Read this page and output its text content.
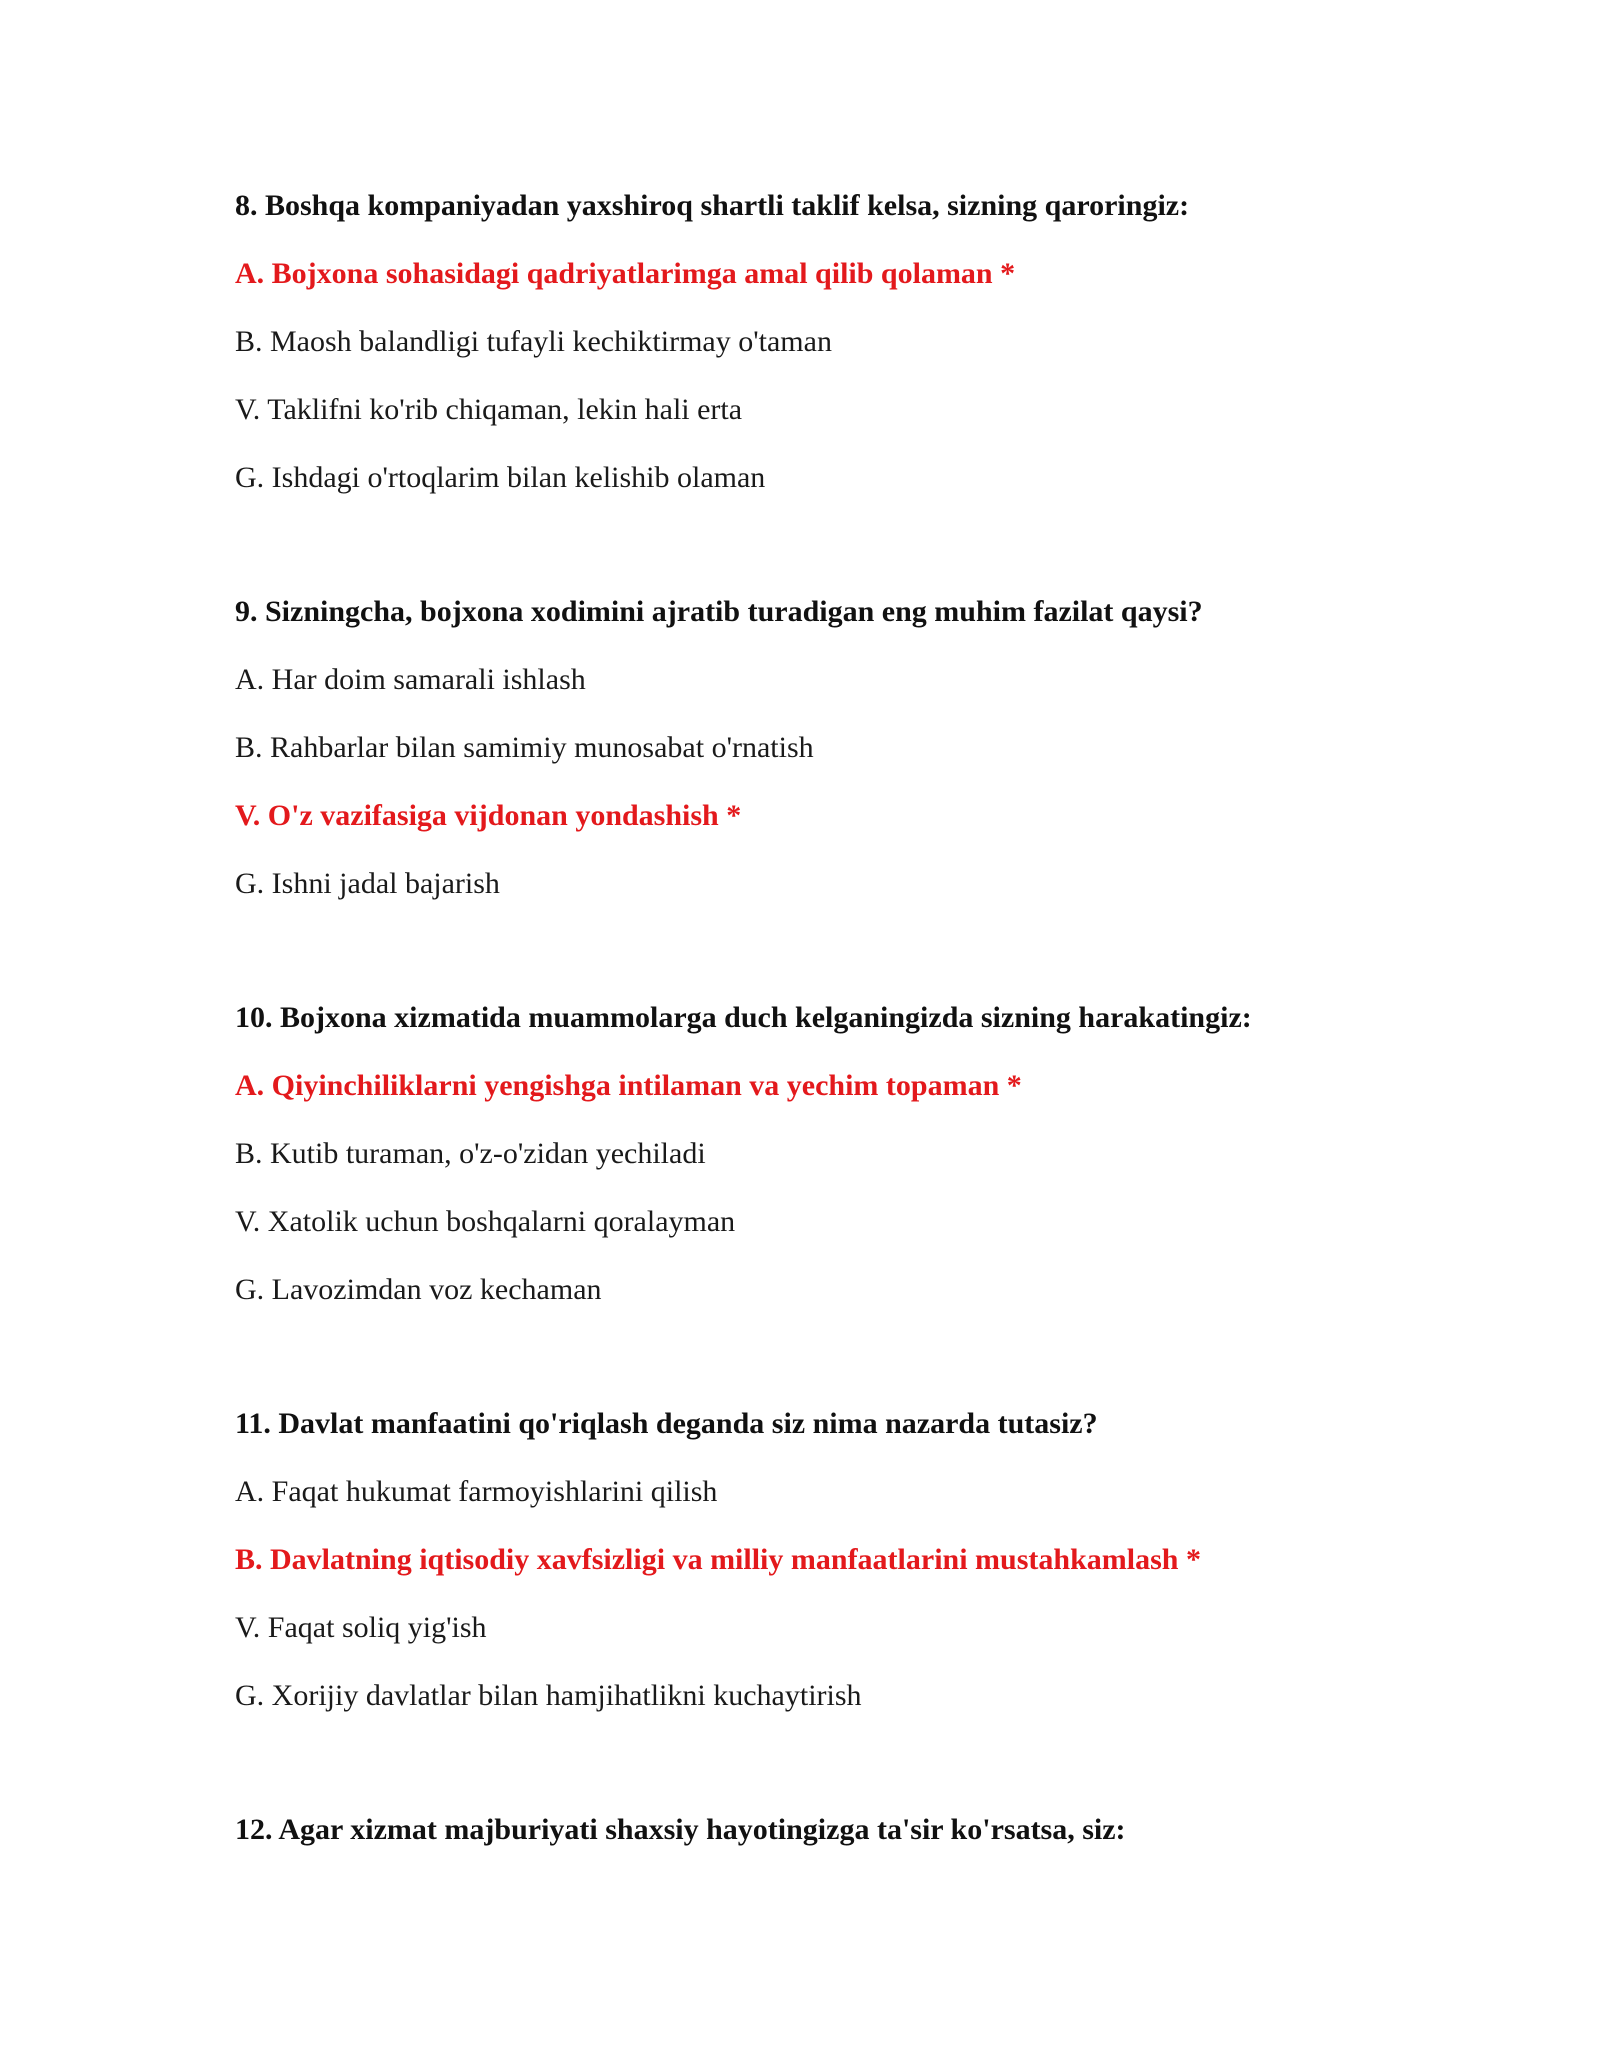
8. Boshqa kompaniyadan yaxshiroq shartli taklif kelsa, sizning qaroringiz:
A. Bojxona sohasidagi qadriyatlarimga amal qilib qolaman *
B. Maosh balandligi tufayli kechiktirmay o'taman
V. Taklifni ko'rib chiqaman, lekin hali erta
G. Ishdagi o'rtoqlarim bilan kelishib olaman
9. Sizningcha, bojxona xodimini ajratib turadigan eng muhim fazilat qaysi?
A. Har doim samarali ishlash
B. Rahbarlar bilan samimiy munosabat o'rnatish
V. O'z vazifasiga vijdonan yondashish *
G. Ishni jadal bajarish
10. Bojxona xizmatida muammolarga duch kelganingizda sizning harakatingiz:
A. Qiyinchiliklarni yengishga intilaman va yechim topaman *
B. Kutib turaman, o'z-o'zidan yechiladi
V. Xatolik uchun boshqalarni qoralayman
G. Lavozimdan voz kechaman
11. Davlat manfaatini qo'riqlash deganda siz nima nazarda tutasiz?
A. Faqat hukumat farmoyishlarini qilish
B. Davlatning iqtisodiy xavfsizligi va milliy manfaatlarini mustahkamlash *
V. Faqat soliq yig'ish
G. Xorijiy davlatlar bilan hamjihatlikni kuchaytirish
12. Agar xizmat majburiyati shaxsiy hayotingizga ta'sir ko'rsatsa, siz:
